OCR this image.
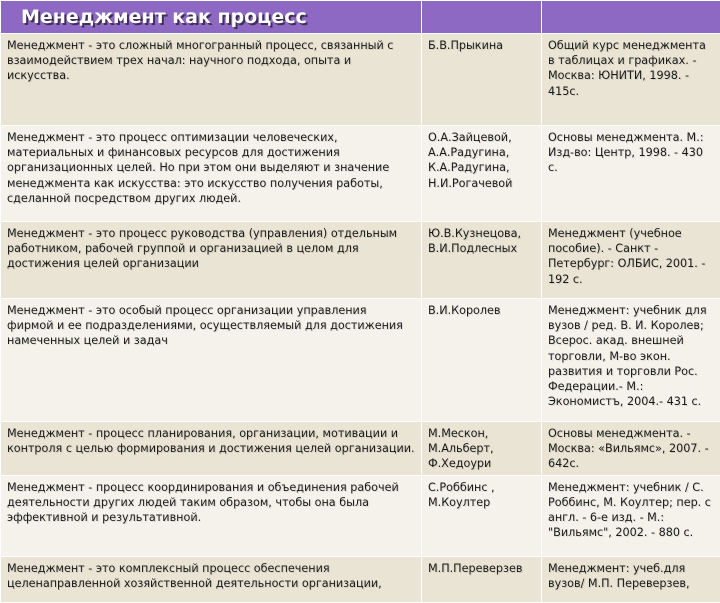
Менеджмент как процесс		
Менеджмент - это сложный многогранный процесс, связанный с взаимодействием трех начал: научного подхода, опыта и искусства.	Б.В.Прыкина	Общий курс менеджмента в таблицах и графиках. - Москва: ЮНИТИ, 1998. - 415с.
Менеджмент - это процесс оптимизации человеческих, материальных и финансовых ресурсов для достижения организационных целей. Но при этом они выделяют и значение менеджмента как искусства: это искусство получения работы, сделанной посредством других людей.	О.А.Зайцевой, А.А.Радугина, К.А.Радугина, Н.И.Рогачевой	Основы менеджмента. М.: Изд-во: Центр, 1998. - 430 с.
Менеджмент - это процесс руководства (управления) отдельным работником, рабочей группой и организацией в целом для достижения целей организации	Ю.В.Кузнецова, В.И.Подлесных	Менеджмент (учебное пособие). - Санкт - Петербург: ОЛБИС, 2001. - 192 с.
Менеджмент - это особый процесс организации управления фирмой и ее подразделениями, осуществляемый для достижения намеченных целей и задач	В.И.Королев	Менеджмент: учебник для вузов / ред. В. И. Королев; Всерос. акад. внешней торговли, М-во экон. развития и торговли Рос. Федерации.- М.: Экономистъ, 2004.- 431 с.
Менеджмент - процесс планирования, организации, мотивации и контроля с целью формирования и достижения целей организации.	М.Мескон, М.Альберт, Ф.Хедоури	Основы менеджмента. - Москва: «Вильямс», 2007. - 642с.
Менеджмент - процесс координирования и объединения рабочей деятельности других людей таким образом, чтобы она была эффективной и результативной.	С.Роббинс , М.Коултер	Менеджмент: учебник / С. Роббинс, М. Коултер; пер. с англ. - 6-е изд. - М.: "Вильямс", 2002. - 880 с.
Менеджмент - это комплексный процесс обеспечения целенаправленной хозяйственной деятельности организации,	М.П.Переверзев	Менеджмент: учеб.для вузов/ М.П. Переверзев,
